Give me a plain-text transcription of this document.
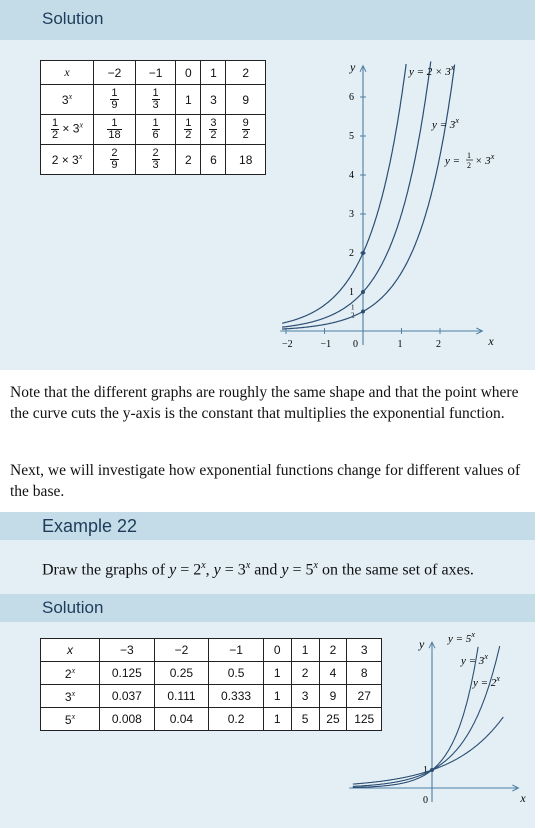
Solution
x	−2	−1	0	1	2
3$^x$	$\frac{1}{9}$	$\frac{1}{3}$	1	3	9

$\frac{1}{2} \times 3^x$	$\frac{1}{18}$	$\frac{1}{6}$	$\frac{1}{2}$	$\frac{3}{2}$	$\frac{9}{2}$

$2 \times 3^x$	$\frac{2}{9}$	$\frac{2}{3}$	2	6	18
x
y
−2	−1 0	1	2
1
2
3
4
5
6
1
2
$y = 2 \times 3^x$
$y = 3^x$
y = 1
$2 \times 3^x$

Note that the different graphs are roughly the same shape and that the point where the curve cuts the y-axis is the constant that multiplies the exponential function.

Next, we will investigate how exponential functions change for different values of the base.

Example 22
Draw the graphs of $y = 2^x$, $y = 3^x$ and $y = 5^x$ on the same set of axes.
Solution
x	−3	−2	−1	0	1	2	3
2$^x$	0.125	0.25	0.5	1	2	4	8
3$^x$	0.037	0.111	0.333	1	3	9	27
5$^x$	0.008	0.04	0.2	1	5	25	125
x
y
0
1
$y = 5^x$
$y = 3^x$
$y = 2^x$
